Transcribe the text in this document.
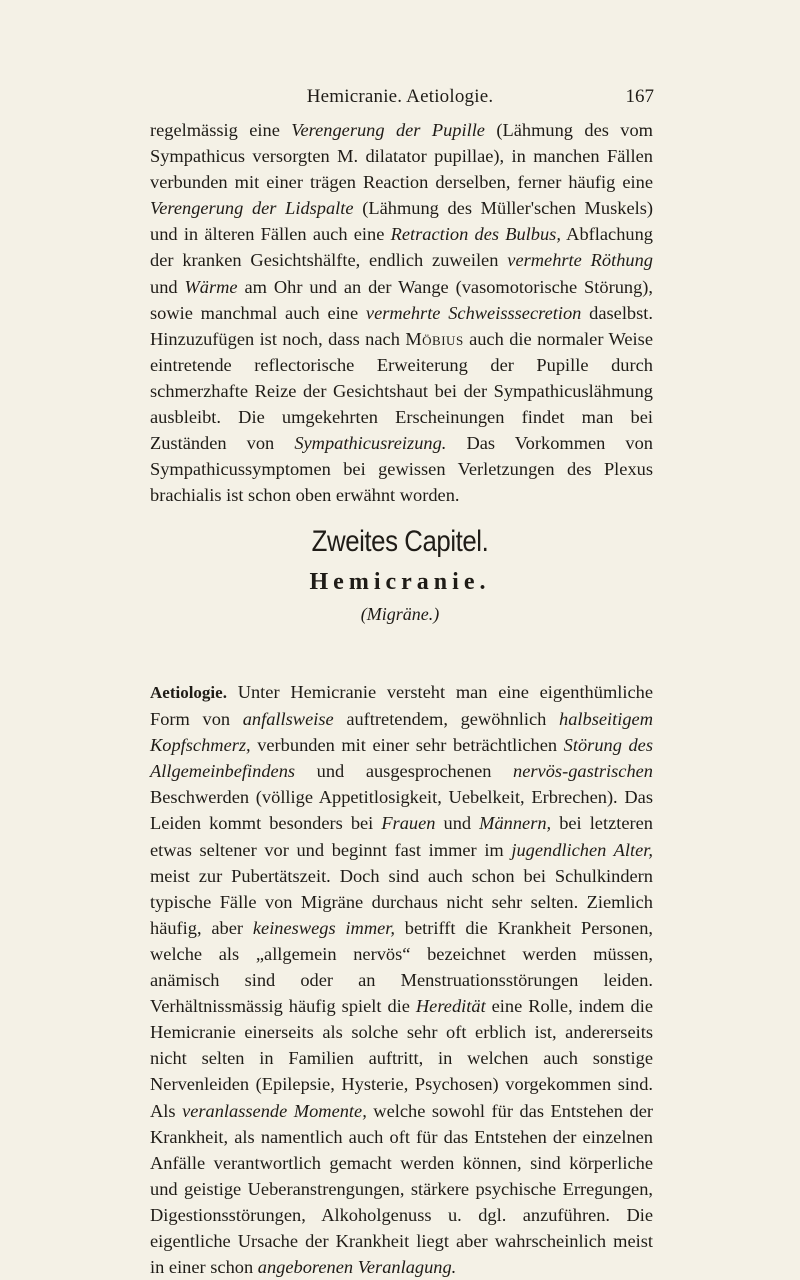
Hemicranie. Aetiologie.	167

regelmässig eine Verengerung der Pupille (Lähmung des vom Sympathicus versorgten M. dilatator pupillae), in manchen Fällen verbunden mit einer trägen Reaction derselben, ferner häufig eine Verengerung der Lidspalte (Lähmung des Müller'schen Muskels) und in älteren Fällen auch eine Retraction des Bulbus, Abflachung der kranken Gesichtshälfte, endlich zuweilen vermehrte Röthung und Wärme am Ohr und an der Wange (vasomotorische Störung), sowie manchmal auch eine vermehrte Schweisssecretion daselbst. Hinzuzufügen ist noch, dass nach Möbius auch die normaler Weise eintretende reflectorische Erweiterung der Pupille durch schmerzhafte Reize der Gesichtshaut bei der Sympathicuslähmung ausbleibt. Die umgekehrten Erscheinungen findet man bei Zuständen von Sympathicusreizung. Das Vorkommen von Sympathicussymptomen bei gewissen Verletzungen des Plexus brachialis ist schon oben erwähnt worden.

Zweites Capitel.
Hemicranie.
(Migräne.)

Aetiologie. Unter Hemicranie versteht man eine eigenthümliche Form von anfallsweise auftretendem, gewöhnlich halbseitigem Kopfschmerz, verbunden mit einer sehr beträchtlichen Störung des Allgemeinbefindens und ausgesprochenen nervös-gastrischen Beschwerden (völlige Appetitlosigkeit, Uebelkeit, Erbrechen). Das Leiden kommt besonders bei Frauen und Männern, bei letzteren etwas seltener vor und beginnt fast immer im jugendlichen Alter, meist zur Pubertätszeit. Doch sind auch schon bei Schulkindern typische Fälle von Migräne durchaus nicht sehr selten. Ziemlich häufig, aber keineswegs immer, betrifft die Krankheit Personen, welche als „allgemein nervös“ bezeichnet werden müssen, anämisch sind oder an Menstruationsstörungen leiden. Verhältnissmässig häufig spielt die Heredität eine Rolle, indem die Hemicranie einerseits als solche sehr oft erblich ist, andererseits nicht selten in Familien auftritt, in welchen auch sonstige Nervenleiden (Epilepsie, Hysterie, Psychosen) vorgekommen sind. Als veranlassende Momente, welche sowohl für das Entstehen der Krankheit, als namentlich auch oft für das Entstehen der einzelnen Anfälle verantwortlich gemacht werden können, sind körperliche und geistige Ueberanstrengungen, stärkere psychische Erregungen, Digestionsstörungen, Alkoholgenuss u. dgl. anzuführen. Die eigentliche Ursache der Krankheit liegt aber wahrscheinlich meist in einer schon angeborenen Veranlagung.
